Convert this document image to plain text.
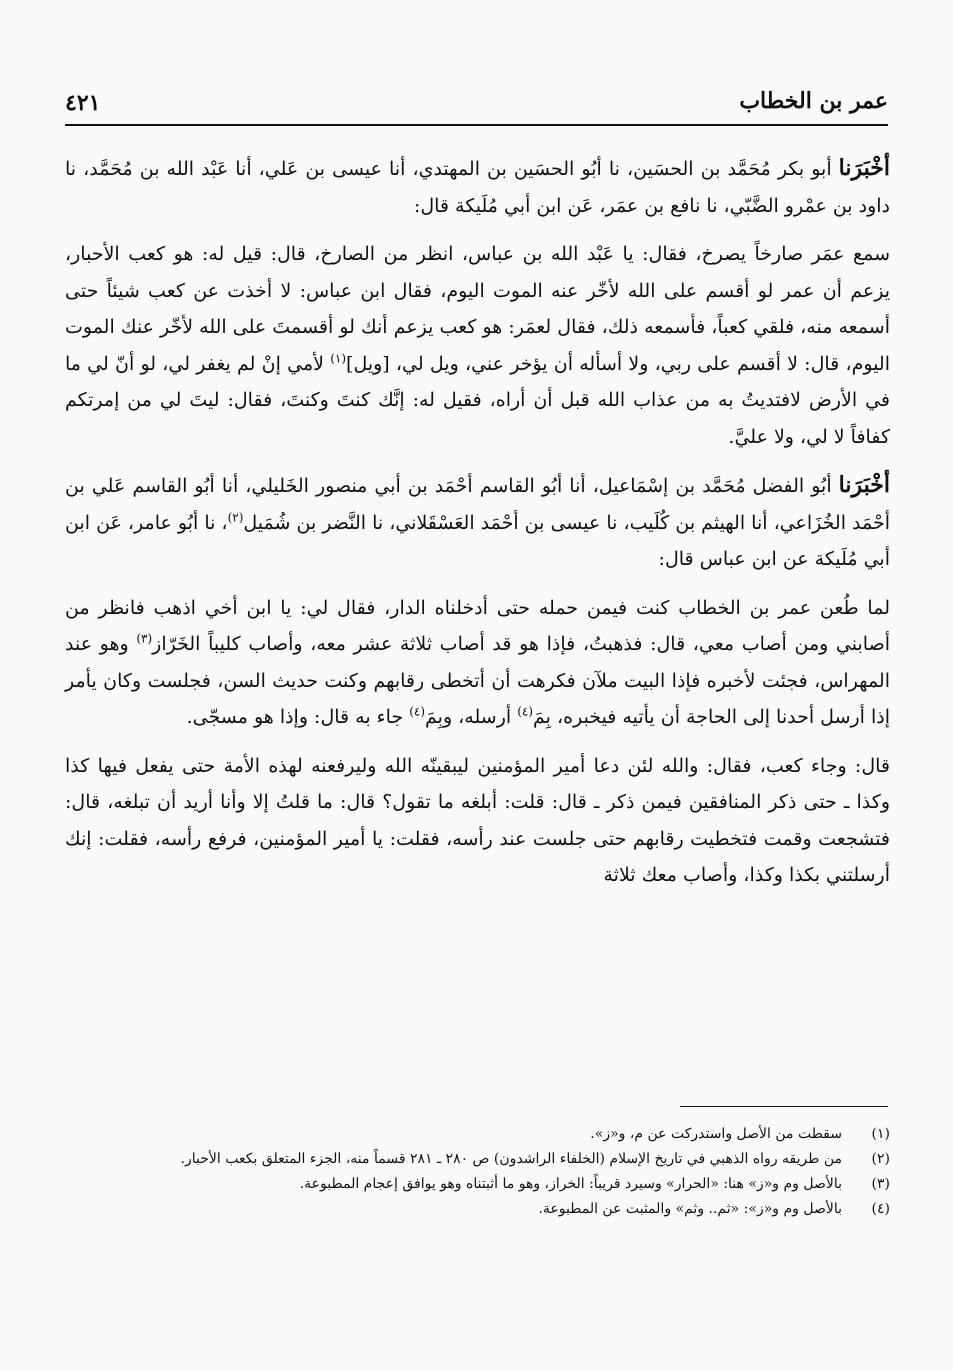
عمر بن الخطاب
٤٢١

أخْبَرَنا أبو بكر مُحَمَّد بن الحسَين، نا أبُو الحسَين بن المهتدي، أنا عيسى بن عَلي، أنا عَبْد الله بن مُحَمَّد، نا داود بن عمْرو الضَّبّي، نا نافع بن عمَر، عَن ابن أبي مُلَيكة قال:

سمع عمَر صارخاً يصرخ، فقال: يا عَبْد الله بن عباس، انظر من الصارخ، قال: قيل له: هو كعب الأحبار، يزعم أن عمر لو أقسم على الله لأخّر عنه الموت اليوم، فقال ابن عباس: لا أخذت عن كعب شيئاً حتى أسمعه منه، فلقي كعباً، فأسمعه ذلك، فقال لعمَر: هو كعب يزعم أنك لو أقسمتَ على الله لأخّر عنك الموت اليوم، قال: لا أقسم على ربي، ولا أسأله أن يؤخر عني، ويل لي، [ويل]$^{(١)}$ لأمي إنْ لم يغفر لي، لو أنّ لي ما في الأرض لافتديتُ به من عذاب الله قبل أن أراه، فقيل له: إنَّك كنتَ وكنتَ، فقال: ليتَ لي من إمرتكم كفافاً لا لي، ولا عليَّ.

أخْبَرَنا أبُو الفضل مُحَمَّد بن إسْمَاعيل، أنا أبُو القاسم أحْمَد بن أبي منصور الخَليلي، أنا أبُو القاسم عَلي بن أحْمَد الخُزَاعي، أنا الهيثم بن كُلَيب، نا عيسى بن أحْمَد العَسْقَلاني، نا النَّضر بن شُمَيل$^{(٢)}$، نا أبُو عامر، عَن ابن أبي مُلَيكة عن ابن عباس قال:

لما طُعن عمر بن الخطاب كنت فيمن حمله حتى أدخلناه الدار، فقال لي: يا ابن أخي اذهب فانظر من أصابني ومن أصاب معي، قال: فذهبتُ، فإذا هو قد أصاب ثلاثة عشر معه، وأصاب كليباً الخَرّاز$^{(٣)}$ وهو عند المهراس، فجئت لأخبره فإذا البيت ملآن فكرهت أن أتخطى رقابهم وكنت حديث السن، فجلست وكان يأمر إذا أرسل أحدنا إلى الحاجة أن يأتيه فيخبره، بِمَ$^{(٤)}$ أرسله، وبِمَ$^{(٤)}$ جاء به قال: وإذا هو مسجّى.

قال: وجاء كعب، فقال: والله لئن دعا أمير المؤمنين ليبقينّه الله وليرفعنه لهذه الأمة حتى يفعل فيها كذا وكذا ـ حتى ذكر المنافقين فيمن ذكر ـ قال: قلت: أبلغه ما تقول؟ قال: ما قلتُ إلا وأنا أريد أن تبلغه، قال: فتشجعت وقمت فتخطيت رقابهم حتى جلست عند رأسه، فقلت: يا أمير المؤمنين، فرفع رأسه، فقلت: إنك أرسلتني بكذا وكذا، وأصاب معك ثلاثة

(١)
سقطت من الأصل واستدركت عن م، و«ز».
(٢)
من طريقه رواه الذهبي في تاريخ الإسلام (الخلفاء الراشدون) ص ٢٨٠ ـ ٢٨١ قسماً منه، الجزء المتعلق بكعب الأحبار.
(٣)
بالأصل وم و«ز» هنا: «الحرار» وسيرد قريباً: الخراز، وهو ما أثبتناه وهو يوافق إعجام المطبوعة.
(٤)
بالأصل وم و«ز»: «ثم.. وثم» والمثبت عن المطبوعة.
